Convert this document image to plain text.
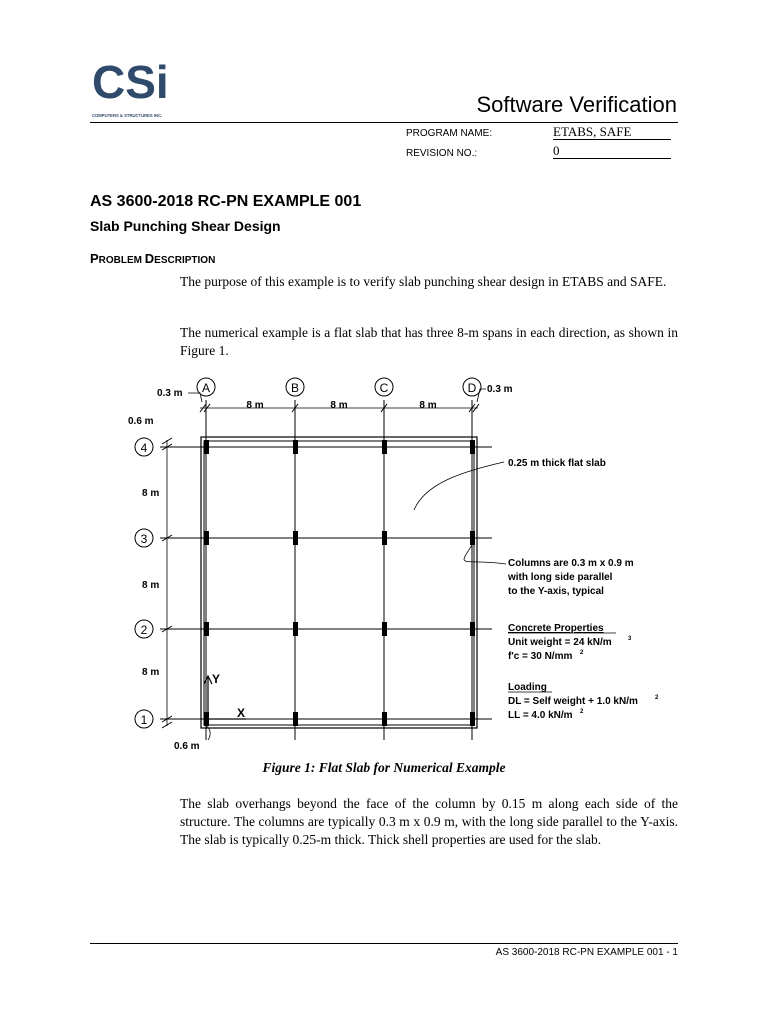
CSi
COMPUTERS & STRUCTURES INC.	Software Verification
PROGRAM NAME:	ETABS, SAFE
REVISION NO.:	0
AS 3600-2018 RC-PN EXAMPLE 001
Slab Punching Shear Design
PROBLEM DESCRIPTION
The purpose of this example is to verify slab punching shear design in ETABS and SAFE.
The numerical example is a flat slab that has three 8-m spans in each direction, as shown in Figure 1.
A	B	C	D
4
3
2
1
8 m	8 m	8 m
0.3 m	0.3 m
0.6 m
8 m
8 m
8 m
0.6 m
Y
X
0.25 m thick flat slab
Columns are 0.3 m x 0.9 m
with long side parallel
to the Y-axis, typical
Concrete Properties
Unit weight = 24 kN/m	3
f'c = 30 N/mm 2
Loading
DL = Self weight + 1.0 kN/m	2
LL = 4.0 kN/m 2
Figure 1: Flat Slab for Numerical Example
The slab overhangs beyond the face of the column by 0.15 m along each side of the structure. The columns are typically 0.3 m x 0.9 m, with the long side parallel to the Y-axis. The slab is typically 0.25-m thick. Thick shell properties are used for the slab.
AS 3600-2018 RC-PN EXAMPLE 001 - 1
